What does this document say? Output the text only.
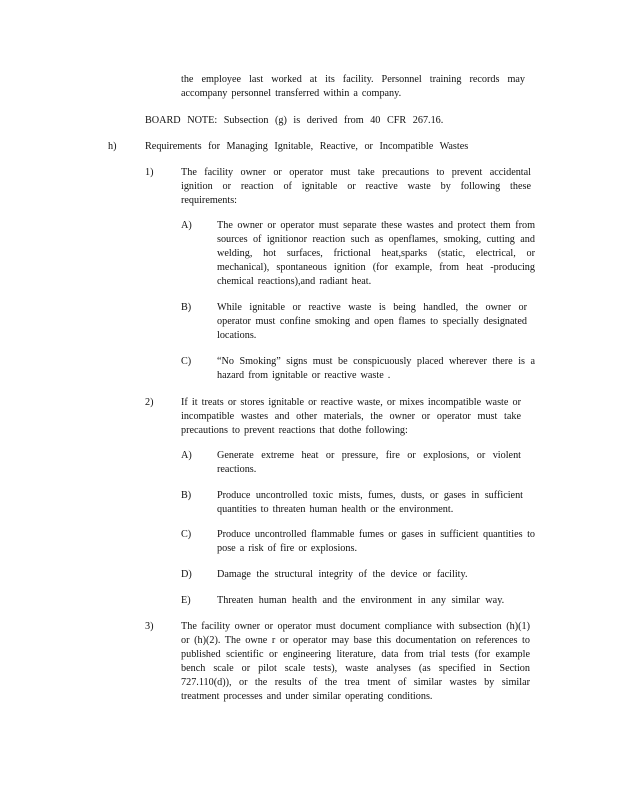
the employee last worked at its facility. Personnel training records may accompany personnel transferred within a company.
BOARD NOTE: Subsection (g) is derived from 40 CFR 267.16.
h)	Requirements for Managing Ignitable, Reactive, or Incompatible Wastes
1)	The facility owner or operator must take precautions to prevent accidental ignition or reaction of ignitable or reactive waste by following these requirements:
A) The owner or operator must separate these wastes and protect them from sources of ignitionor reaction such as openflames, smoking, cutting and welding, hot surfaces, frictional heat,sparks (static, electrical, or mechanical), spontaneous ignition (for example, from heat -producing chemical reactions),and radiant heat.
B)	While ignitable or reactive waste is being handled, the owner or operator must confine smoking and open flames to specially designated locations.
C)	“No Smoking” signs must be conspicuously placed wherever there is a hazard from ignitable or reactive waste .
2)	If it treats or stores ignitable or reactive waste, or mixes incompatible waste or incompatible wastes and other materials, the owner or operator must take precautions to prevent reactions that dothe following:
A) Generate extreme heat or pressure, fire or explosions, or violent reactions.
B)	Produce uncontrolled toxic mists, fumes, dusts, or gases in sufficient quantities to threaten human health or the environment.
C)	Produce uncontrolled flammable fumes or gases in sufficient quantities to pose a risk of fire or explosions.
D) Damage the structural integrity of the device or facility.
E)	Threaten human health and the environment in any similar way.
3)	The facility owner or operator must document compliance with subsection (h)(1) or (h)(2). The owne r or operator may base this documentation on references to published scientific or engineering literature, data from trial tests (for example bench scale or pilot scale tests), waste analyses (as specified in Section 727.110(d)), or the results of the trea tment of similar wastes by similar treatment processes and under similar operating conditions.
